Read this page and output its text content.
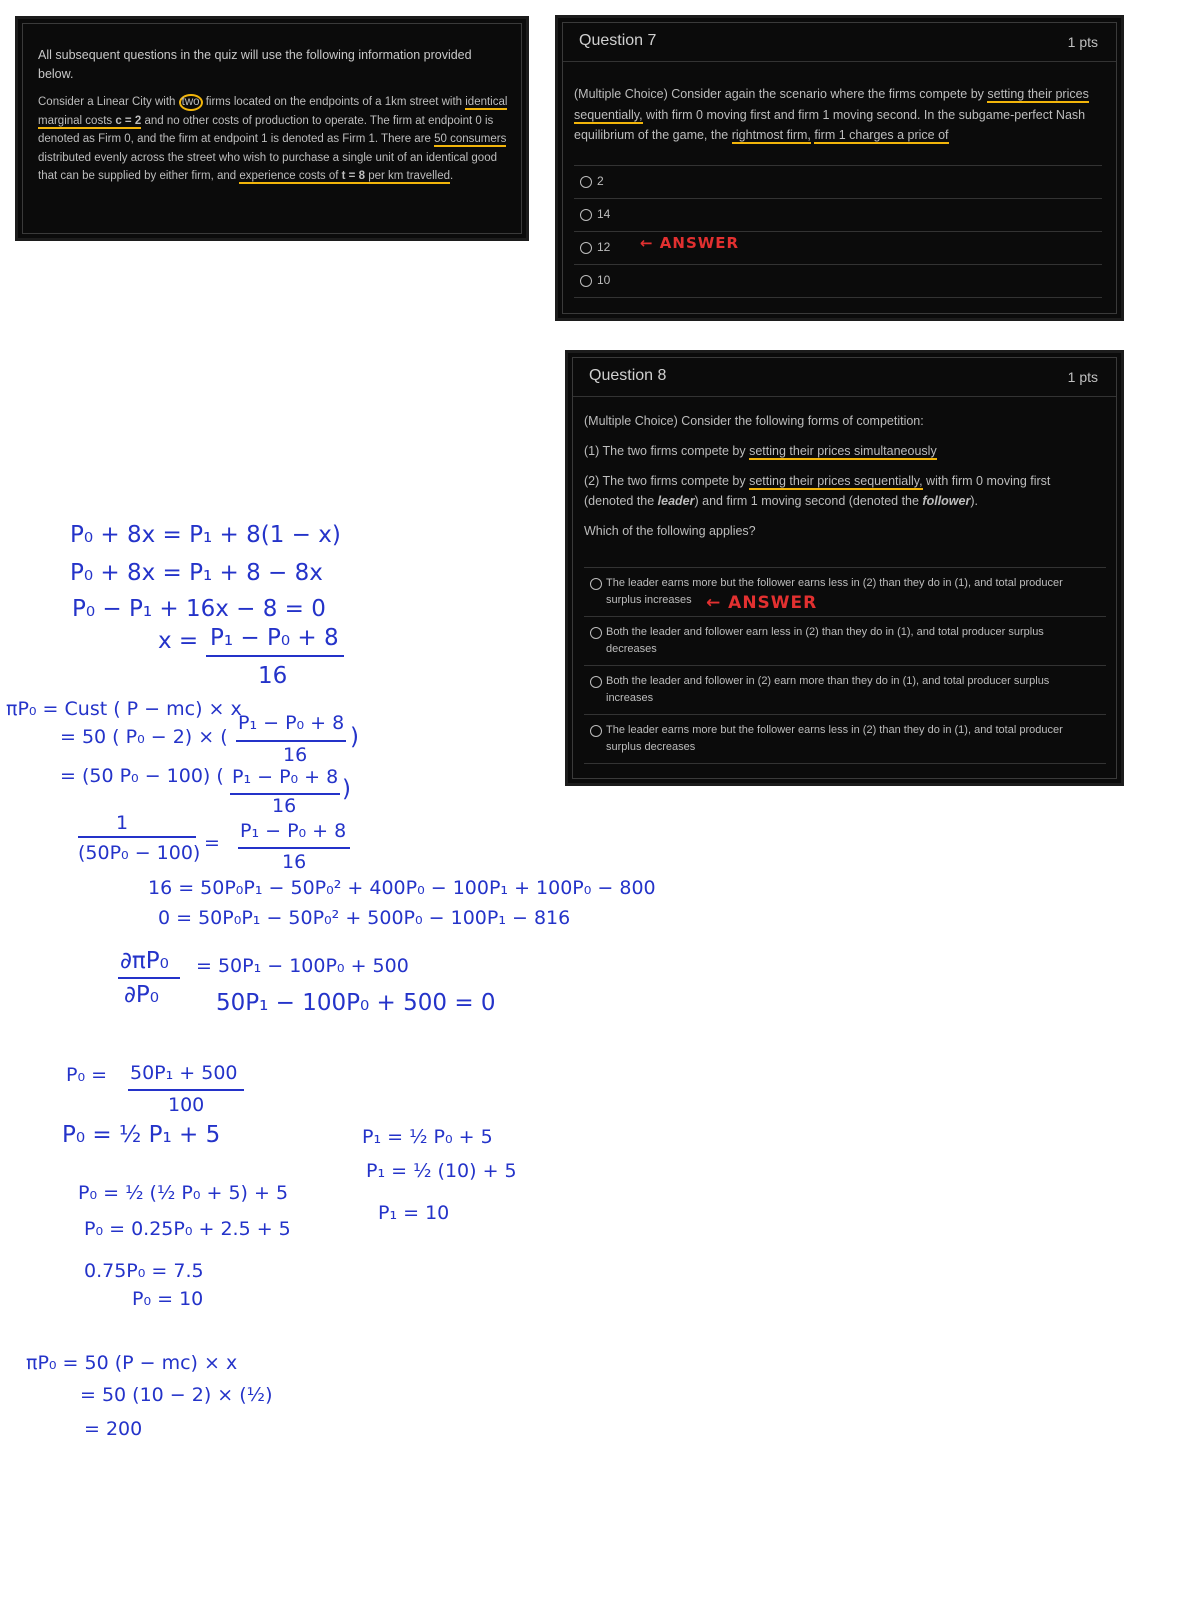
All subsequent questions in the quiz will use the following information provided below.
Consider a Linear City with two firms located on the endpoints of a 1km street with identical marginal costs c = 2 and no other costs of production to operate. The firm at endpoint 0 is denoted as Firm 0, and the firm at endpoint 1 is denoted as Firm 1. There are 50 consumers distributed evenly across the street who wish to purchase a single unit of an identical good that can be supplied by either firm, and experience costs of t = 8 per km travelled.
Question 7	1 pts
(Multiple Choice) Consider again the scenario where the firms compete by setting their prices sequentially, with firm 0 moving first and firm 1 moving second. In the subgame-perfect Nash equilibrium of the game, the rightmost firm, firm 1 charges a price of
2
14
12
10
← ANSWER
Question 8	1 pts

(Multiple Choice) Consider the following forms of competition:

(1) The two firms compete by setting their prices simultaneously

(2) The two firms compete by setting their prices sequentially, with firm 0 moving first (denoted the leader) and firm 1 moving second (denoted the follower).

Which of the following applies?

The leader earns more but the follower earns less in (2) than they do in (1), and total producer surplus increases
Both the leader and follower earn less in (2) than they do in (1), and total producer surplus decreases
Both the leader and follower in (2) earn more than they do in (1), and total producer surplus increases
The leader earns more but the follower earns less in (2) than they do in (1), and total producer surplus decreases
← ANSWER
P₀ + 8x = P₁ + 8(1 − x)
P₀ + 8x = P₁ + 8 − 8x
P₀ − P₁ + 16x − 8 = 0
x = P₁ − P₀ + 8
16
πP₀ = Cust ( P − mc) × x
= 50 ( P₀ − 2) × (
P₁ − P₀ + 8
16
)
= (50 P₀ − 100) ( P₁ − P₀ + 8
16
)
1
(50P₀ − 100) =
P₁ − P₀ + 8
16
16 = 50P₀P₁ − 50P₀² + 400P₀ − 100P₁ + 100P₀ − 800
0 = 50P₀P₁ − 50P₀² + 500P₀ − 100P₁ − 816
∂πP₀
∂P₀
= 50P₁ − 100P₀ + 500
50P₁ − 100P₀ + 500 = 0
P₀ = 50P₁ + 500
100
P₀ = ½ P₁ + 5
P₀ = ½ (½ P₀ + 5) + 5
P₀ = 0.25P₀ + 2.5 + 5
0.75P₀ = 7.5
P₀ = 10
P₁ = ½ P₀ + 5
P₁ = ½ (10) + 5
P₁ = 10
πP₀ = 50 (P − mc) × x
= 50 (10 − 2) × (½)
= 200
